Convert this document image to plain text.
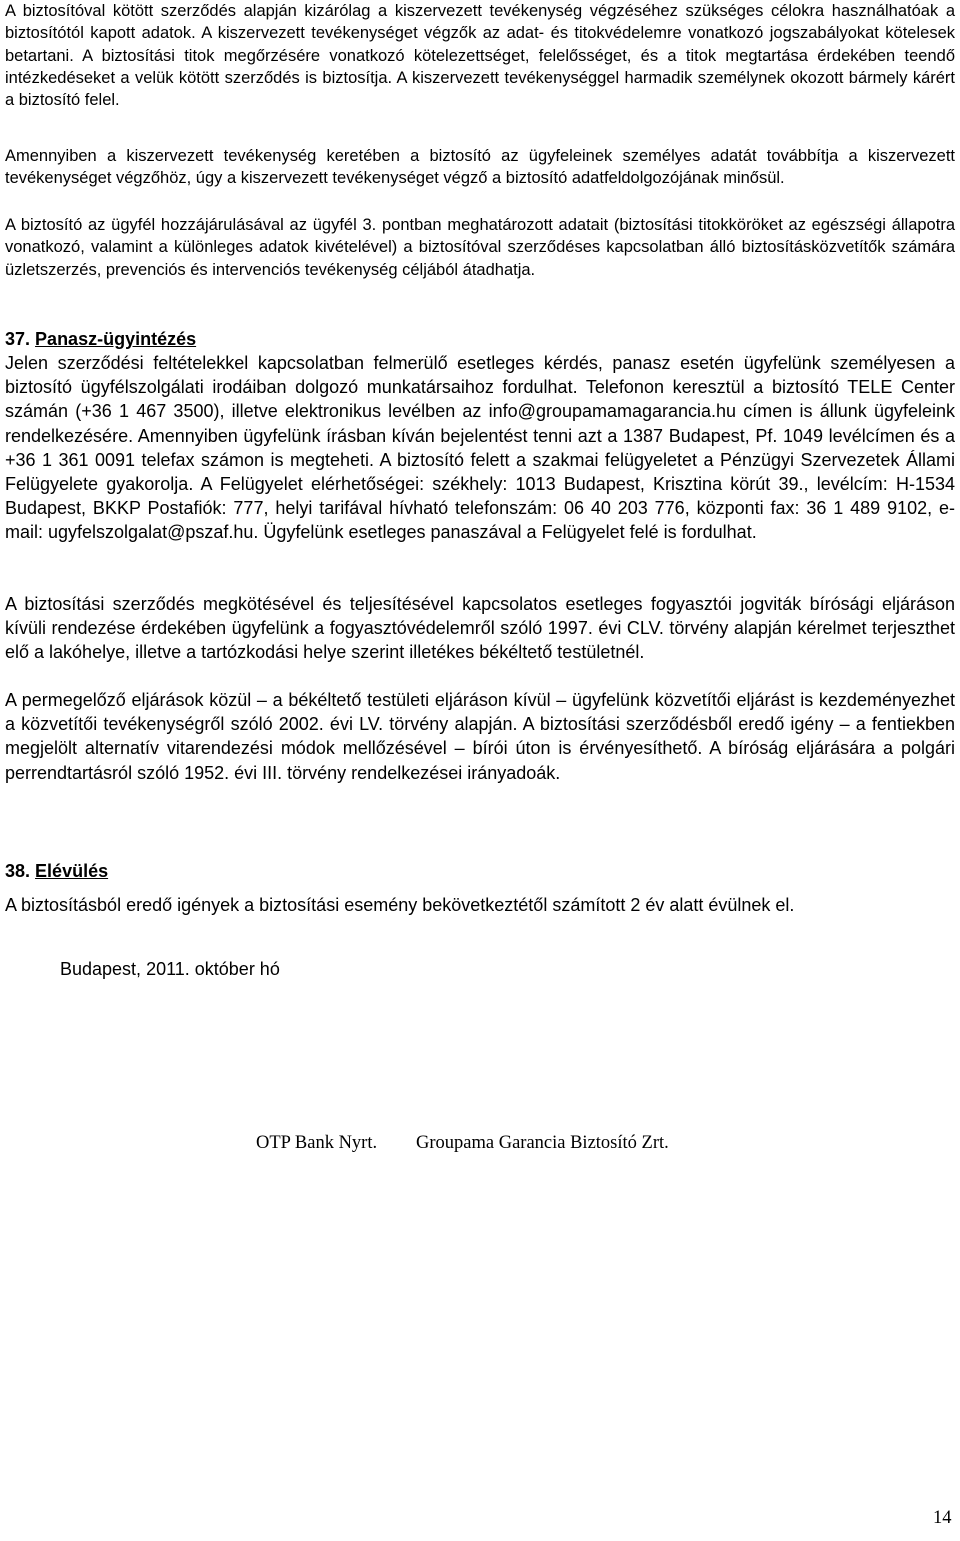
A biztosítóval kötött szerződés alapján kizárólag a kiszervezett tevékenység végzéséhez szükséges célokra használhatóak a biztosítótól kapott adatok. A kiszervezett tevékenységet végzők az adat- és titokvédelemre vonatkozó jogszabályokat kötelesek betartani. A biztosítási titok megőrzésére vonatkozó kötelezettséget, felelősséget, és a titok megtartása érdekében teendő intézkedéseket a velük kötött szerződés is biztosítja. A kiszervezett tevékenységgel harmadik személynek okozott bármely kárért a biztosító felel.

Amennyiben a kiszervezett tevékenység keretében a biztosító az ügyfeleinek személyes adatát továbbítja a kiszervezett tevékenységet végzőhöz, úgy a kiszervezett tevékenységet végző a biztosító adatfeldolgozójának minősül.

A biztosító az ügyfél hozzájárulásával az ügyfél 3. pontban meghatározott adatait (biztosítási titokköröket az egészségi állapotra vonatkozó, valamint a különleges adatok kivételével) a biztosítóval szerződéses kapcsolatban álló biztosításközvetítők számára üzletszerzés, prevenciós és intervenciós tevékenység céljából átadhatja.

37. Panasz-ügyintézés

Jelen szerződési feltételekkel kapcsolatban felmerülő esetleges kérdés, panasz esetén ügyfelünk személyesen a biztosító ügyfélszolgálati irodáiban dolgozó munkatársaihoz fordulhat. Telefonon keresztül a biztosító TELE Center számán (+36 1 467 3500), illetve elektronikus levélben az info@groupamamagarancia.hu címen is állunk ügyfeleink rendelkezésére. Amennyiben ügyfelünk írásban kíván bejelentést tenni azt a 1387 Budapest, Pf. 1049 levélcímen és a +36 1 361 0091 telefax számon is megteheti. A biztosító felett a szakmai felügyeletet a Pénzügyi Szervezetek Állami Felügyelete gyakorolja. A Felügyelet elérhetőségei: székhely: 1013 Budapest, Krisztina körút 39., levélcím: H-1534 Budapest, BKKP Postafiók: 777, helyi tarifával hívható telefonszám: 06 40 203 776, központi fax: 36 1 489 9102, e-mail: ugyfelszolgalat@pszaf.hu. Ügyfelünk esetleges panaszával a Felügyelet felé is fordulhat.

A biztosítási szerződés megkötésével és teljesítésével kapcsolatos esetleges fogyasztói jogviták bírósági eljáráson kívüli rendezése érdekében ügyfelünk a fogyasztóvédelemről szóló 1997. évi CLV. törvény alapján kérelmet terjeszthet elő a lakóhelye, illetve a tartózkodási helye szerint illetékes békéltető testületnél.

A permegelőző eljárások közül – a békéltető testületi eljáráson kívül – ügyfelünk közvetítői eljárást is kezdeményezhet a közvetítői tevékenységről szóló 2002. évi LV. törvény alapján. A biztosítási szerződésből eredő igény – a fentiekben megjelölt alternatív vitarendezési módok mellőzésével – bírói úton is érvényesíthető. A bíróság eljárására a polgári perrendtartásról szóló 1952. évi III. törvény rendelkezései irányadoák.

38. Elévülés

A biztosításból eredő igények a biztosítási esemény bekövetkeztétől számított 2 év alatt évülnek el.

Budapest, 2011. október hó

OTP Bank Nyrt. Groupama Garancia Biztosító Zrt.

14
